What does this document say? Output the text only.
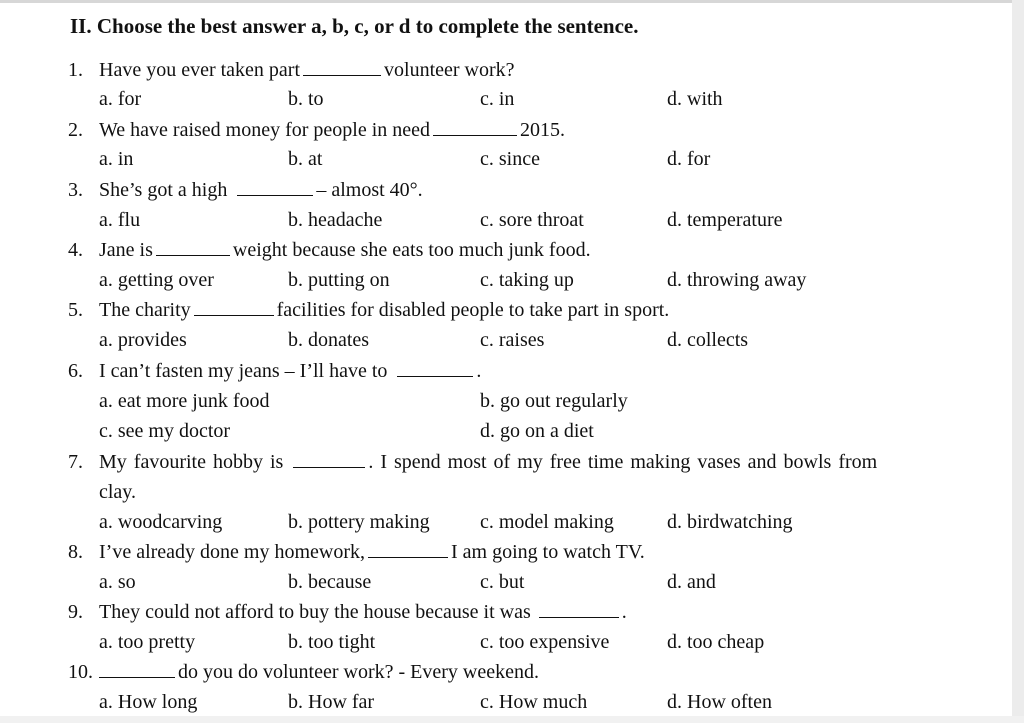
II. Choose the best answer a, b, c, or d to complete the sentence.
1. Have you ever taken part	volunteer work?
a. for	b. to	c. in	d. with
2. We have raised money for people in need	2015.
a. in	b. at	c. since	d. for
3. She’s got a high	– almost 40°.
a. flu	b. headache	c. sore throat	d. temperature
4. Jane is	weight because she eats too much junk food.
a. getting over	b. putting on	c. taking up	d. throwing away
5. The charity	facilities for disabled people to take part in sport.
a. provides	b. donates	c. raises	d. collects
6. I can’t fasten my jeans – I’ll have to	.
a. eat more junk food	b. go out regularly
c. see my doctor	d. go on a diet
7. My favourite hobby is	. I spend most of my free time making vases and bowls from
clay.
a. woodcarving	b. pottery making	c. model making	d. birdwatching
8. I’ve already done my homework,	I am going to watch TV.
a. so	b. because	c. but	d. and
9. They could not afford to buy the house because it was	.
a. too pretty	b. too tight	c. too expensive	d. too cheap
10.	do you do volunteer work? - Every weekend.
a. How long	b. How far	c. How much	d. How often
